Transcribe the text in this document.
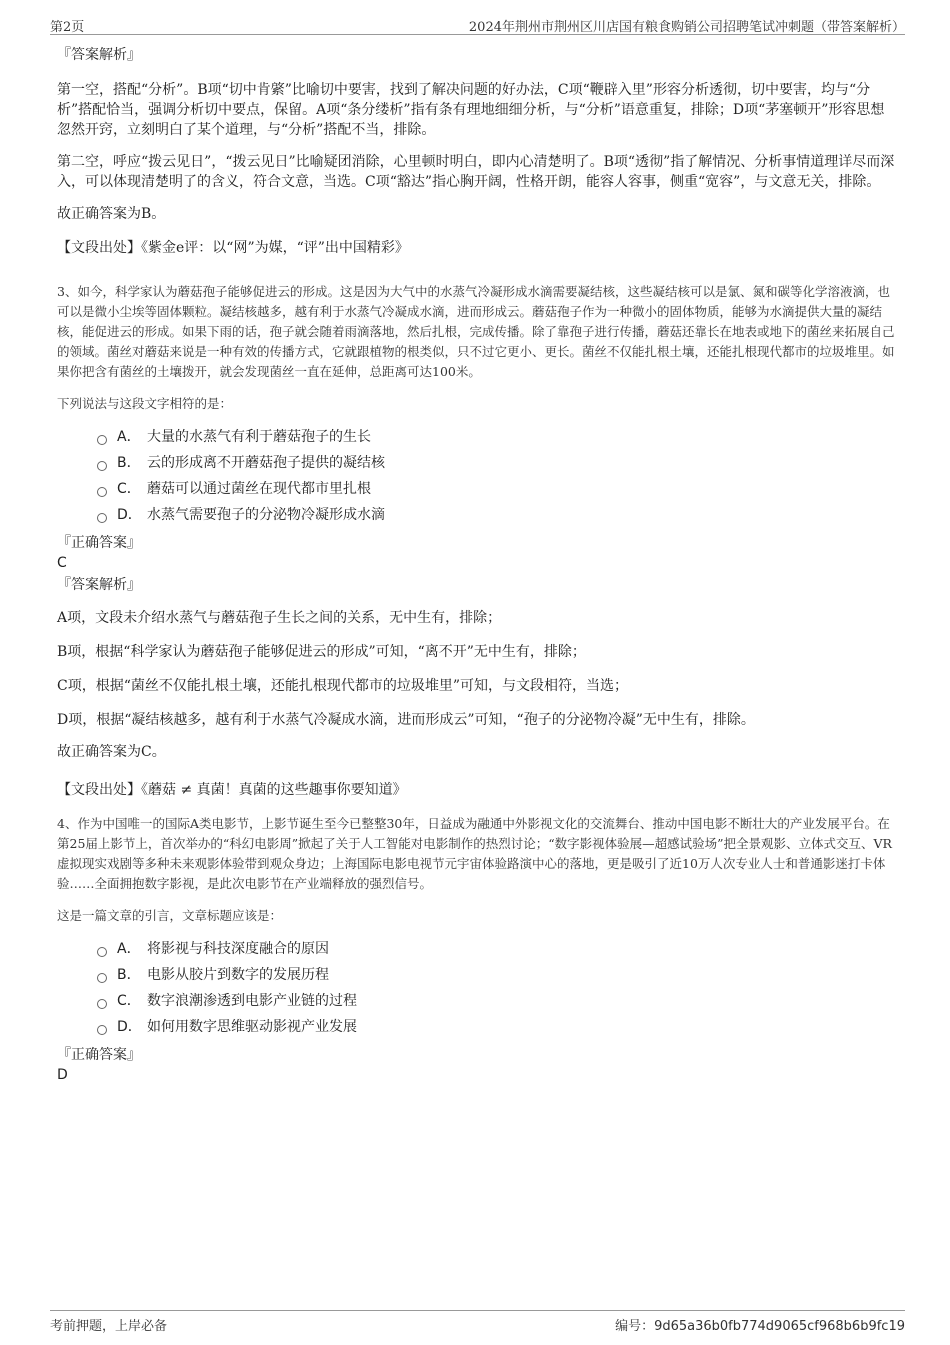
第2页	2024年荆州市荆州区川店国有粮食购销公司招聘笔试冲刺题（带答案解析）

『答案解析』

第一空，搭配“分析”。B项“切中肯綮”比喻切中要害，找到了解决问题的好办法，C项“鞭辟入里”形容分析透彻，切中要害，均与“分析”搭配恰当，强调分析切中要点，保留。A项“条分缕析”指有条有理地细细分析，与“分析”语意重复，排除；D项“茅塞顿开”形容思想忽然开窍，立刻明白了某个道理，与“分析”搭配不当，排除。

第二空，呼应“拨云见日”，“拨云见日”比喻疑团消除，心里顿时明白，即内心清楚明了。B项“透彻”指了解情况、分析事情道理详尽而深入，可以体现清楚明了的含义，符合文意，当选。C项“豁达”指心胸开阔，性格开朗，能容人容事，侧重“宽容”，与文意无关，排除。

故正确答案为B。

【文段出处】《紫金e评：以“网”为媒，“评”出中国精彩》

3、如今，科学家认为蘑菇孢子能够促进云的形成。这是因为大气中的水蒸气冷凝形成水滴需要凝结核，这些凝结核可以是氯、氮和碳等化学溶液滴，也可以是微小尘埃等固体颗粒。凝结核越多，越有利于水蒸气冷凝成水滴，进而形成云。蘑菇孢子作为一种微小的固体物质，能够为水滴提供大量的凝结核，能促进云的形成。如果下雨的话，孢子就会随着雨滴落地，然后扎根，完成传播。除了靠孢子进行传播，蘑菇还靠长在地表或地下的菌丝来拓展自己的领域。菌丝对蘑菇来说是一种有效的传播方式，它就跟植物的根类似，只不过它更小、更长。菌丝不仅能扎根土壤，还能扎根现代都市的垃圾堆里。如果你把含有菌丝的土壤拨开，就会发现菌丝一直在延伸，总距离可达100米。

下列说法与这段文字相符的是：

A． 大量的水蒸气有利于蘑菇孢子的生长
B． 云的形成离不开蘑菇孢子提供的凝结核
C． 蘑菇可以通过菌丝在现代都市里扎根
D． 水蒸气需要孢子的分泌物冷凝形成水滴

『正确答案』

C

『答案解析』

A项，文段未介绍水蒸气与蘑菇孢子生长之间的关系，无中生有，排除；

B项，根据“科学家认为蘑菇孢子能够促进云的形成”可知，“离不开”无中生有，排除；

C项，根据“菌丝不仅能扎根土壤，还能扎根现代都市的垃圾堆里”可知，与文段相符，当选；

D项，根据“凝结核越多，越有利于水蒸气冷凝成水滴，进而形成云”可知，“孢子的分泌物冷凝”无中生有，排除。

故正确答案为C。

【文段出处】《蘑菇 ≠ 真菌！真菌的这些趣事你要知道》

4、作为中国唯一的国际A类电影节，上影节诞生至今已整整30年，日益成为融通中外影视文化的交流舞台、推动中国电影不断壮大的产业发展平台。在第25届上影节上，首次举办的“科幻电影周”掀起了关于人工智能对电影制作的热烈讨论；“数字影视体验展—超感试验场”把全景观影、立体式交互、VR虚拟现实戏剧等多种未来观影体验带到观众身边；上海国际电影电视节元宇宙体验路演中心的落地，更是吸引了近10万人次专业人士和普通影迷打卡体验……全面拥抱数字影视，是此次电影节在产业端释放的强烈信号。

这是一篇文章的引言，文章标题应该是：

A． 将影视与科技深度融合的原因
B． 电影从胶片到数字的发展历程
C． 数字浪潮渗透到电影产业链的过程
D． 如何用数字思维驱动影视产业发展

『正确答案』

D

考前押题，上岸必备	编号：9d65a36b0fb774d9065cf968b6b9fc19
